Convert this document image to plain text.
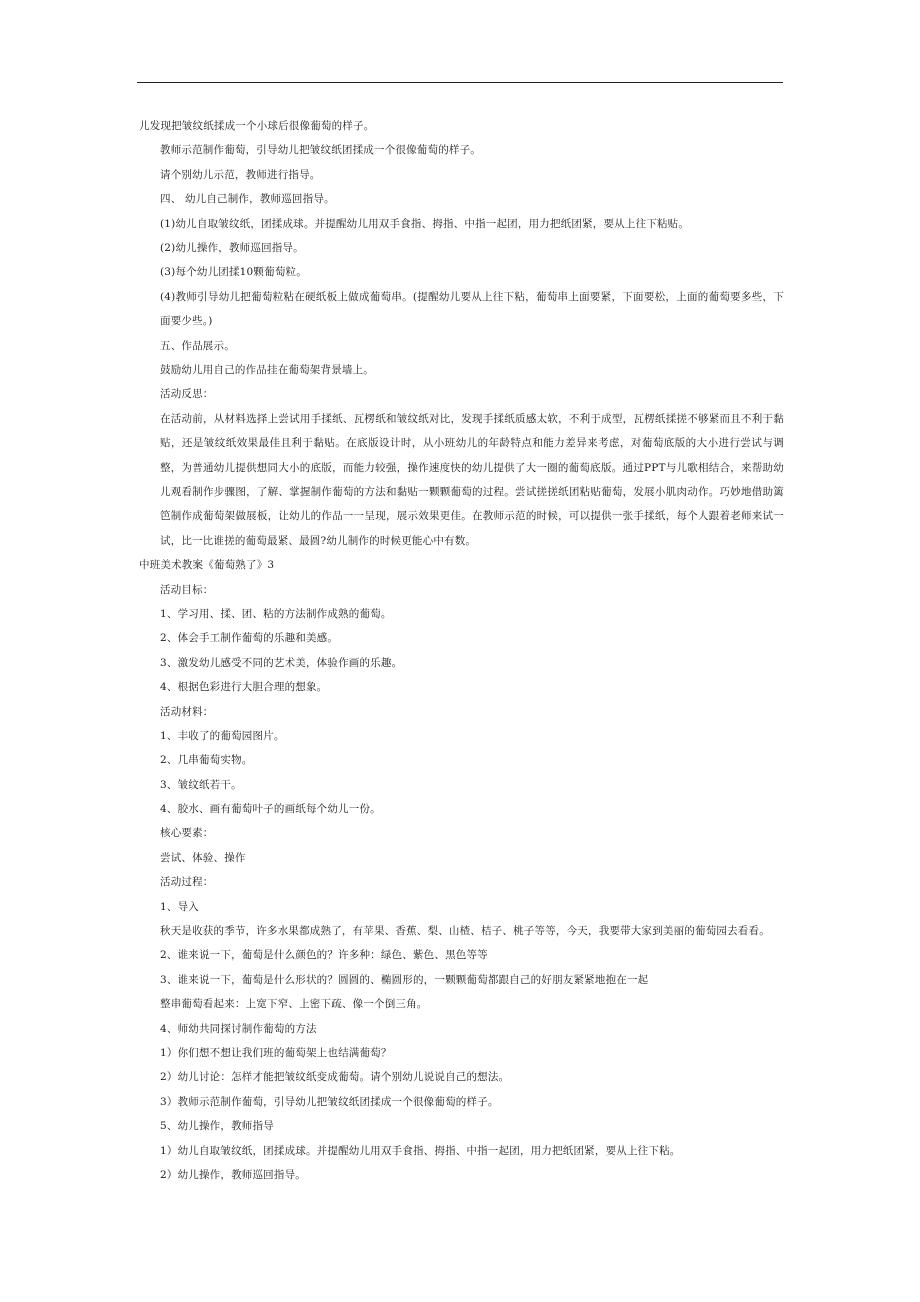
儿发现把皱纹纸揉成一个小球后很像葡萄的样子。
教师示范制作葡萄，引导幼儿把皱纹纸团揉成一个很像葡萄的样子。
请个别幼儿示范，教师进行指导。
四、 幼儿自己制作，教师巡回指导。
(1)幼儿自取皱纹纸，团揉成球。并提醒幼儿用双手食指、拇指、中指一起团，用力把纸团紧，要从上往下粘贴。
(2)幼儿操作，教师巡回指导。
(3)每个幼儿团揉10颗葡萄粒。
(4)教师引导幼儿把葡萄粒粘在硬纸板上做成葡萄串。(提醒幼儿要从上往下粘，葡萄串上面要紧，下面要松，上面的葡萄要多些，下面要少些。)
五、作品展示。
鼓励幼儿用自己的作品挂在葡萄架背景墙上。
活动反思：
在活动前，从材料选择上尝试用手揉纸、瓦楞纸和皱纹纸对比，发现手揉纸质感太软，不利于成型，瓦楞纸揉搓不够紧而且不利于黏贴，还是皱纹纸效果最佳且利于黏贴。在底版设计时，从小班幼儿的年龄特点和能力差异来考虑，对葡萄底版的大小进行尝试与调整，为普通幼儿提供想同大小的底版，而能力较强，操作速度快的幼儿提供了大一圈的葡萄底版。通过PPT与儿歌相结合，来帮助幼儿观看制作步骤图，了解、掌握制作葡萄的方法和黏贴一颗颗葡萄的过程。尝试搓搓纸团粘贴葡萄，发展小肌肉动作。巧妙地借助篱笆制作成葡萄架做展板，让幼儿的作品一一呈现，展示效果更佳。在教师示范的时候，可以提供一张手揉纸，每个人跟着老师来试一试，比一比谁搓的葡萄最紧、最圆?幼儿制作的时候更能心中有数。
中班美术教案《葡萄熟了》3
活动目标：
1、学习用、揉、团、粘的方法制作成熟的葡萄。
2、体会手工制作葡萄的乐趣和美感。
3、激发幼儿感受不同的艺术美，体验作画的乐趣。
4、根据色彩进行大胆合理的想象。
活动材料：
1、丰收了的葡萄园图片。
2、几串葡萄实物。
3、皱纹纸若干。
4、胶水、画有葡萄叶子的画纸每个幼儿一份。
核心要素：
尝试、体验、操作
活动过程：
1、导入
秋天是收获的季节，许多水果都成熟了，有苹果、香蕉、梨、山楂、桔子、桃子等等，今天，我要带大家到美丽的葡萄园去看看。
2、谁来说一下，葡萄是什么颜色的？许多种：绿色、紫色、黑色等等
3、谁来说一下，葡萄是什么形状的？圆圆的、椭圆形的，一颗颗葡萄都跟自己的好朋友紧紧地抱在一起
整串葡萄看起来：上宽下窄、上密下疏、像一个倒三角。
4、师幼共同探讨制作葡萄的方法
1）你们想不想让我们班的葡萄架上也结满葡萄？
2）幼儿讨论：怎样才能把皱纹纸变成葡萄。请个别幼儿说说自己的想法。
3）教师示范制作葡萄，引导幼儿把皱纹纸团揉成一个很像葡萄的样子。
5、幼儿操作，教师指导
1）幼儿自取皱纹纸，团揉成球。并提醒幼儿用双手食指、拇指、中指一起团，用力把纸团紧，要从上往下粘。
2）幼儿操作，教师巡回指导。
